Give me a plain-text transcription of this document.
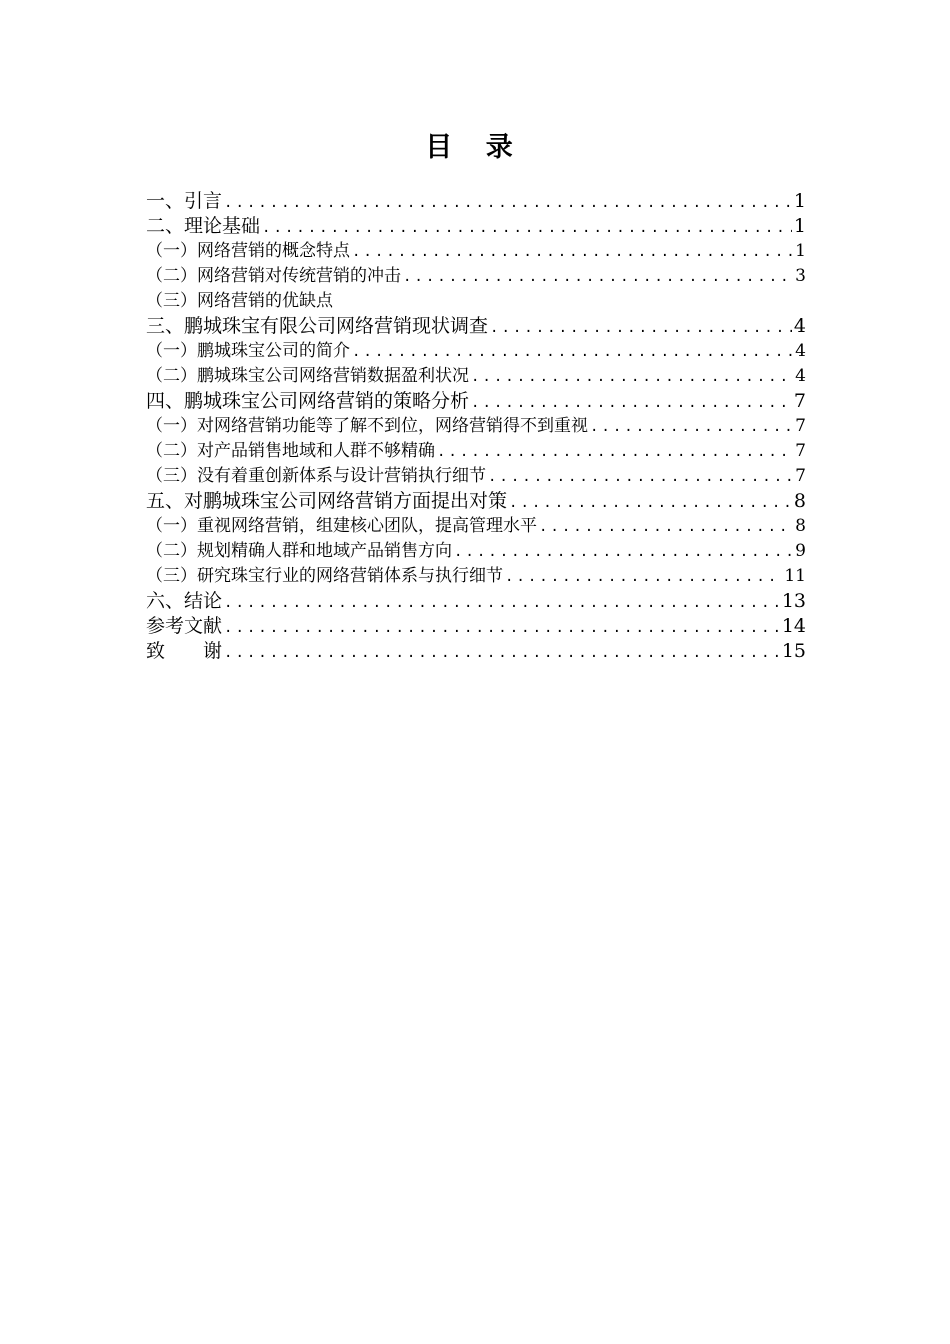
目 录
一、引言 .....	1
二、理论基础 .....	1
（一）网络营销的概念特点 .....	1
（二）网络营销对传统营销的冲击 .....	3
（三）网络营销的优缺点
三、鹏城珠宝有限公司网络营销现状调查 .....	4
（一）鹏城珠宝公司的简介 .....	4
（二）鹏城珠宝公司网络营销数据盈利状况 .....	4
四、鹏城珠宝公司网络营销的策略分析 .....	7
（一）对网络营销功能等了解不到位，网络营销得不到重视 .....	7
（二）对产品销售地域和人群不够精确 .....	7
（三）没有着重创新体系与设计营销执行细节 .....	7
五、对鹏城珠宝公司网络营销方面提出对策 .....	8
（一）重视网络营销，组建核心团队，提高管理水平 .....	8
（二）规划精确人群和地域产品销售方向 .....	9
（三）研究珠宝行业的网络营销体系与执行细节 .....	11
六、结论 .....	13
参考文献 .....	14
致　　谢 .....	15
